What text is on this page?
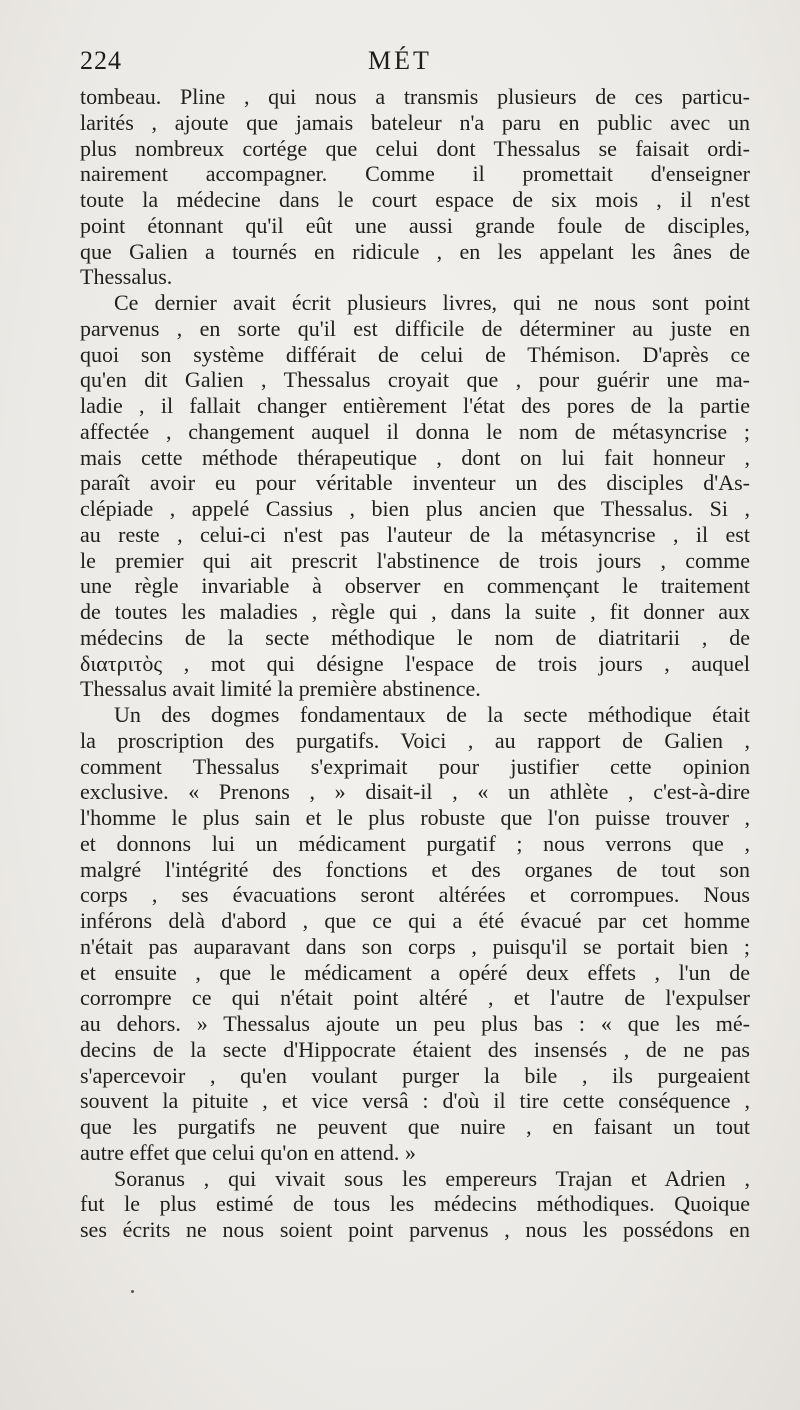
224	MÉT
tombeau. Pline , qui nous a transmis plusieurs de ces particu-
larités , ajoute que jamais bateleur n'a paru en public avec un
plus nombreux cortége que celui dont Thessalus se faisait ordi-
nairement accompagner. Comme il promettait d'enseigner
toute la médecine dans le court espace de six mois , il n'est
point étonnant qu'il eût une aussi grande foule de disciples,
que Galien a tournés en ridicule , en les appelant les ânes de
Thessalus.
Ce dernier avait écrit plusieurs livres, qui ne nous sont point
parvenus , en sorte qu'il est difficile de déterminer au juste en
quoi son système différait de celui de Thémison. D'après ce
qu'en dit Galien , Thessalus croyait que , pour guérir une ma-
ladie , il fallait changer entièrement l'état des pores de la partie
affectée , changement auquel il donna le nom de métasyncrise ;
mais cette méthode thérapeutique , dont on lui fait honneur ,
paraît avoir eu pour véritable inventeur un des disciples d'As-
clépiade , appelé Cassius , bien plus ancien que Thessalus. Si ,
au reste , celui-ci n'est pas l'auteur de la métasyncrise , il est
le premier qui ait prescrit l'abstinence de trois jours , comme
une règle invariable à observer en commençant le traitement
de toutes les maladies , règle qui , dans la suite , fit donner aux
médecins de la secte méthodique le nom de diatritarii , de
διατριτὸς , mot qui désigne l'espace de trois jours , auquel
Thessalus avait limité la première abstinence.
Un des dogmes fondamentaux de la secte méthodique était
la proscription des purgatifs. Voici , au rapport de Galien ,
comment Thessalus s'exprimait pour justifier cette opinion
exclusive. « Prenons , » disait-il , « un athlète , c'est-à-dire
l'homme le plus sain et le plus robuste que l'on puisse trouver ,
et donnons lui un médicament purgatif ; nous verrons que ,
malgré l'intégrité des fonctions et des organes de tout son
corps , ses évacuations seront altérées et corrompues. Nous
inférons delà d'abord , que ce qui a été évacué par cet homme
n'était pas auparavant dans son corps , puisqu'il se portait bien ;
et ensuite , que le médicament a opéré deux effets , l'un de
corrompre ce qui n'était point altéré , et l'autre de l'expulser
au dehors. » Thessalus ajoute un peu plus bas : « que les mé-
decins de la secte d'Hippocrate étaient des insensés , de ne pas
s'apercevoir , qu'en voulant purger la bile , ils purgeaient
souvent la pituite , et vice versâ : d'où il tire cette conséquence ,
que les purgatifs ne peuvent que nuire , en faisant un tout
autre effet que celui qu'on en attend. »
Soranus , qui vivait sous les empereurs Trajan et Adrien ,
fut le plus estimé de tous les médecins méthodiques. Quoique
ses écrits ne nous soient point parvenus , nous les possédons en
